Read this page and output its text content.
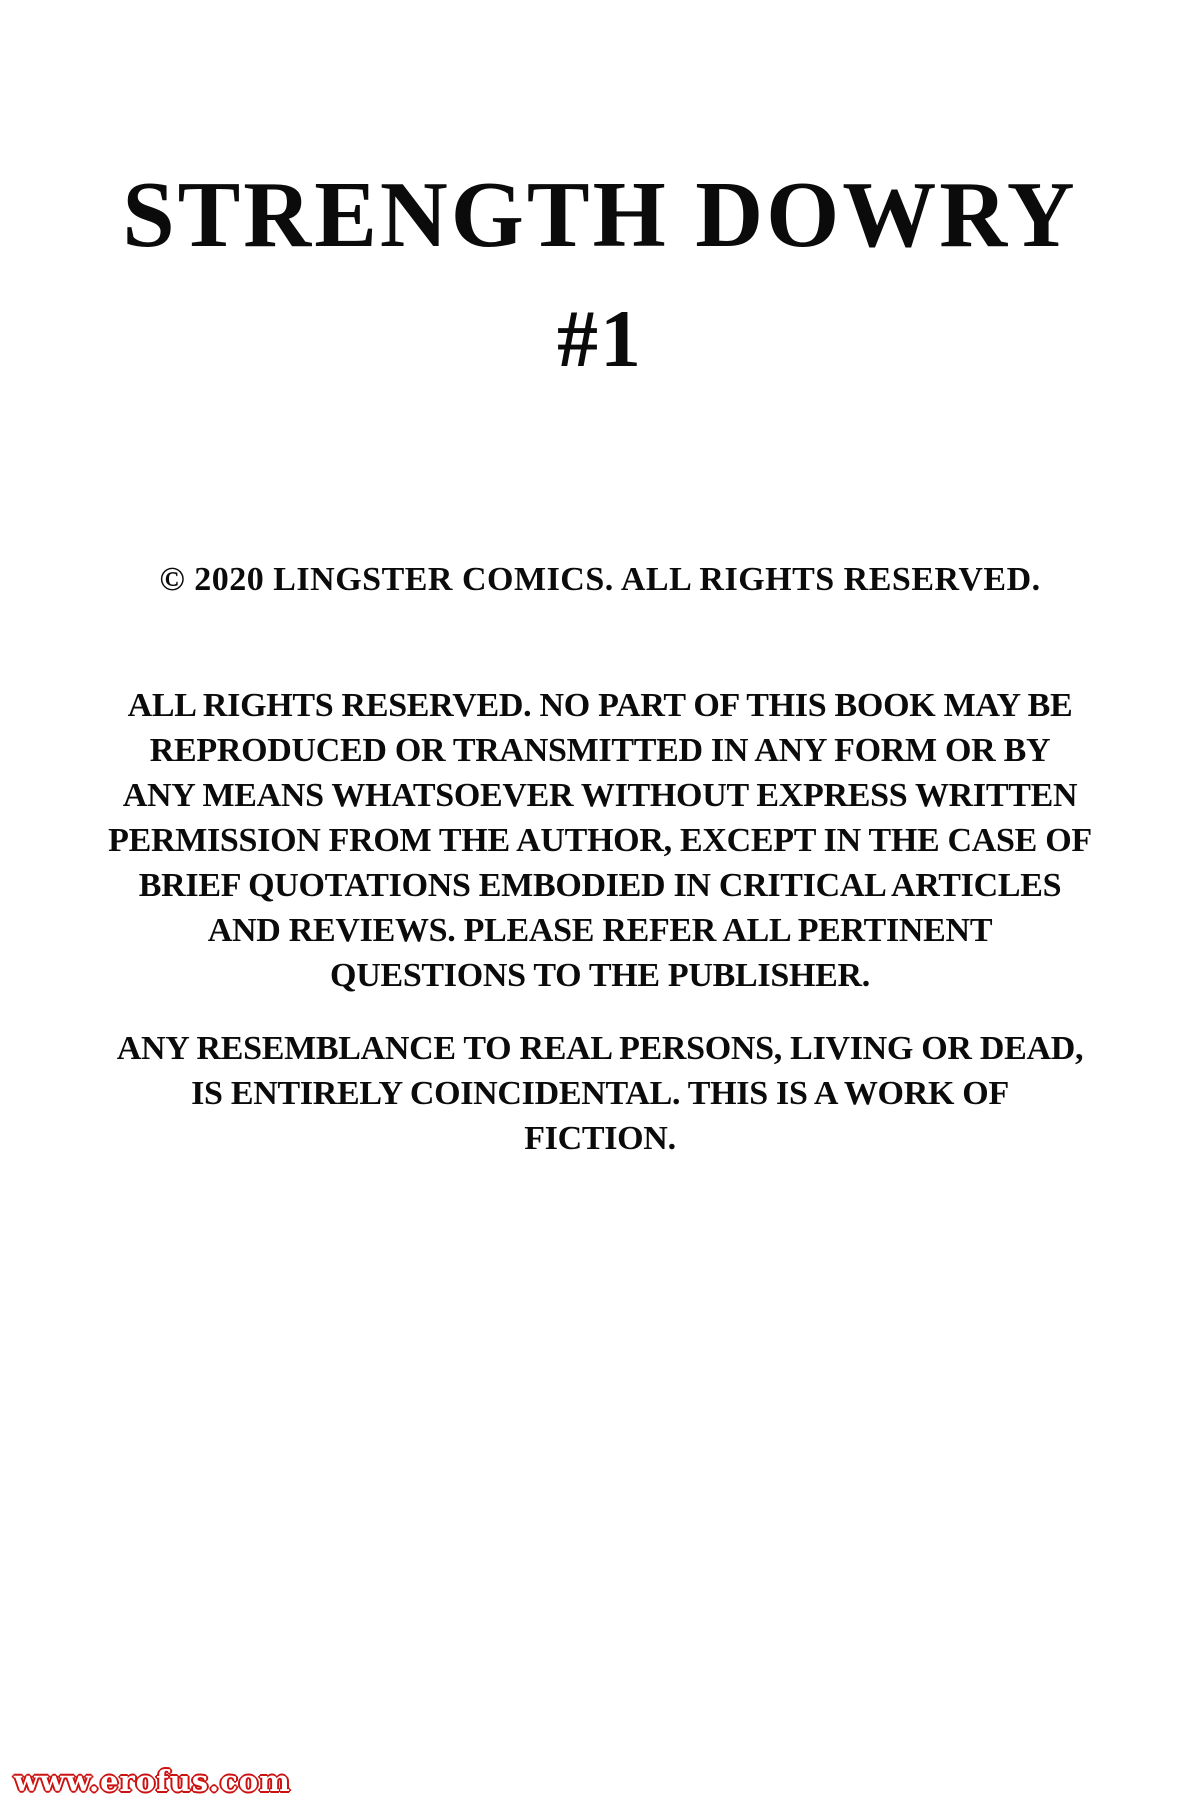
STRENGTH DOWRY
#1
© 2020 LINGSTER COMICS. ALL RIGHTS RESERVED.
ALL RIGHTS RESERVED. NO PART OF THIS BOOK MAY BE
REPRODUCED OR TRANSMITTED IN ANY FORM OR BY
ANY MEANS WHATSOEVER WITHOUT EXPRESS WRITTEN
PERMISSION FROM THE AUTHOR, EXCEPT IN THE CASE OF
BRIEF QUOTATIONS EMBODIED IN CRITICAL ARTICLES
AND REVIEWS. PLEASE REFER ALL PERTINENT
QUESTIONS TO THE PUBLISHER.
ANY RESEMBLANCE TO REAL PERSONS, LIVING OR DEAD,
IS ENTIRELY COINCIDENTAL. THIS IS A WORK OF
FICTION.
www.erofus.com
